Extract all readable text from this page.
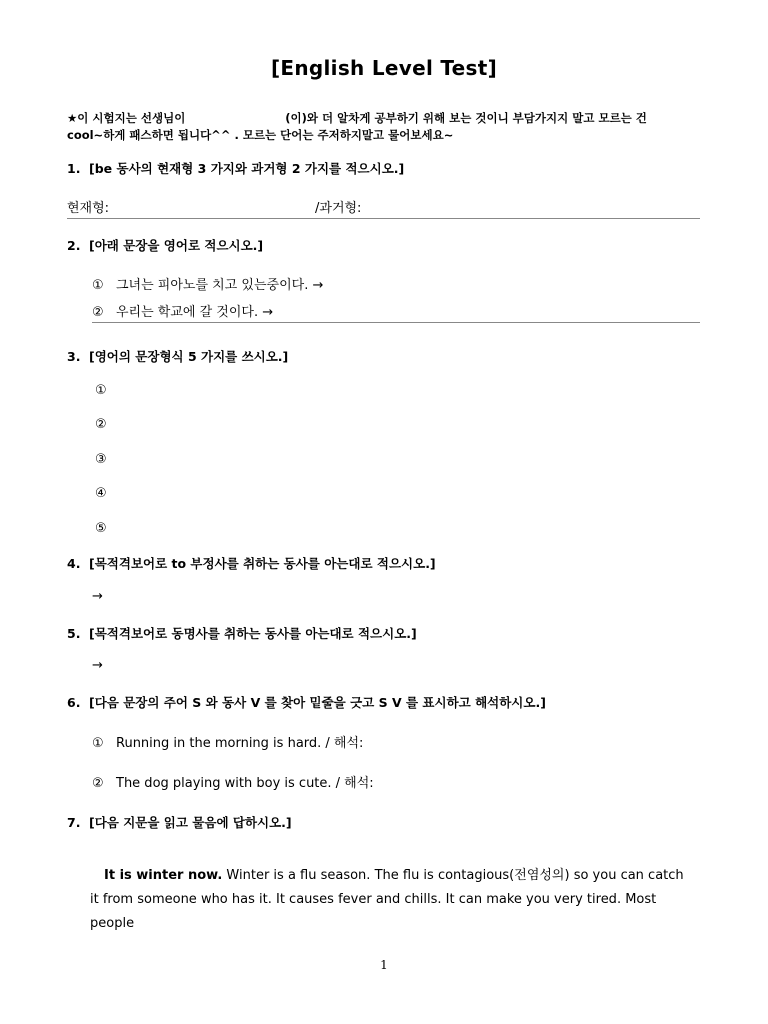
[English Level Test]
★이 시험지는 선생님이	(이)와 더 알차게 공부하기 위해 보는 것이니 부담가지지 말고 모르는 건
cool~하게 패스하면 됩니다^^ . 모르는 단어는 주저하지말고 물어보세요~
1. [be 동사의 현재형 3 가지와 과거형 2 가지를 적으시오.]
현재형:	/과거형:
2. [아래 문장을 영어로 적으시오.]
① 그녀는 피아노를 치고 있는중이다. →
② 우리는 학교에 갈 것이다. →
3. [영어의 문장형식 5 가지를 쓰시오.]
①
②
③
④
⑤
4. [목적격보어로 to 부정사를 취하는 동사를 아는대로 적으시오.]
→
5. [목적격보어로 동명사를 취하는 동사를 아는대로 적으시오.]
→
6. [다음 문장의 주어 S 와 동사 V 를 찾아 밑줄을 긋고 S V 를 표시하고 해석하시오.]
① Running in the morning is hard. / 해석:
② The dog playing with boy is cute. / 해석:
7. [다음 지문을 읽고 물음에 답하시오.]
It is winter now. Winter is a flu season. The flu is contagious(전염성의) so you can catch it from someone who has it. It causes fever and chills. It can make you very tired. Most people
1
